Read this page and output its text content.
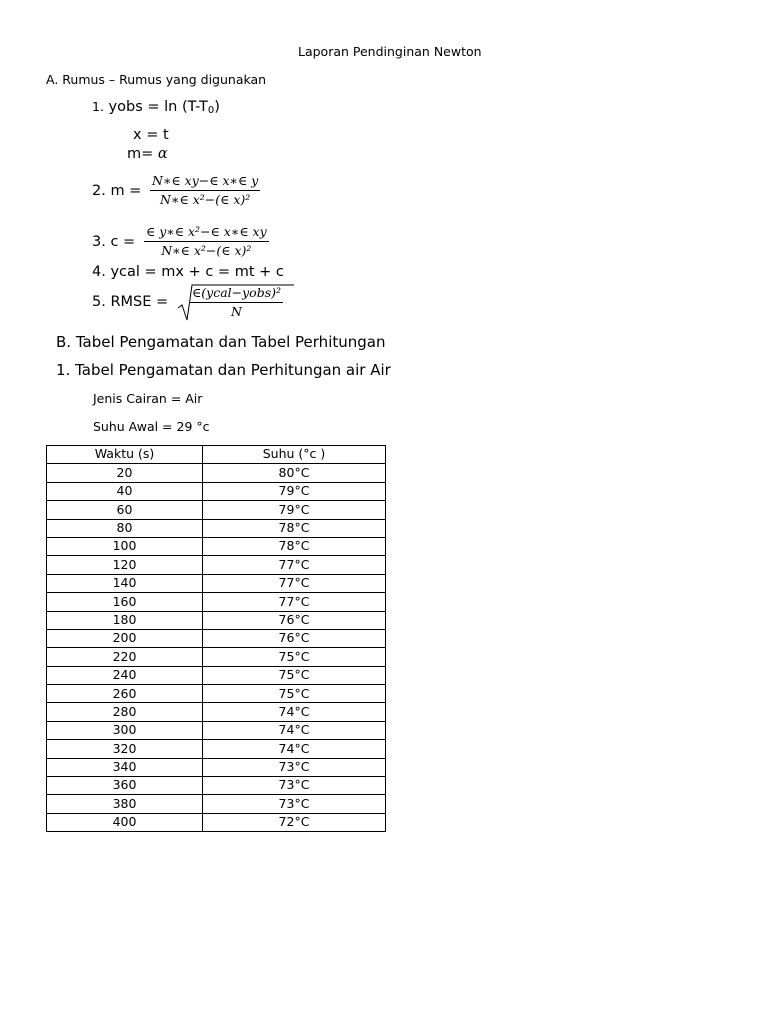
Laporan Pendinginan Newton
A. Rumus – Rumus yang digunakan
1. yobs = ln (T-T0)
x = t
m= α
2. m =
N∗∈ xy−∈ x∗∈ y
N∗∈ x²−(∈ x)²
3. c =
∈ y∗∈ x²−∈ x∗∈ xy
N∗∈ x²−(∈ x)²
4. ycal = mx + c = mt + c
5. RMSE =
∈(ycal−yobs)²
N
B. Tabel Pengamatan dan Tabel Perhitungan
1. Tabel Pengamatan dan Perhitungan air Air
Jenis Cairan = Air
Suhu Awal = 29 °c
Waktu (s)	Suhu (°c )
20	80°C
40	79°C
60	79°C
80	78°C
100	78°C
120	77°C
140	77°C
160	77°C
180	76°C
200	76°C
220	75°C
240	75°C
260	75°C
280	74°C
300	74°C
320	74°C
340	73°C
360	73°C
380	73°C
400	72°C
